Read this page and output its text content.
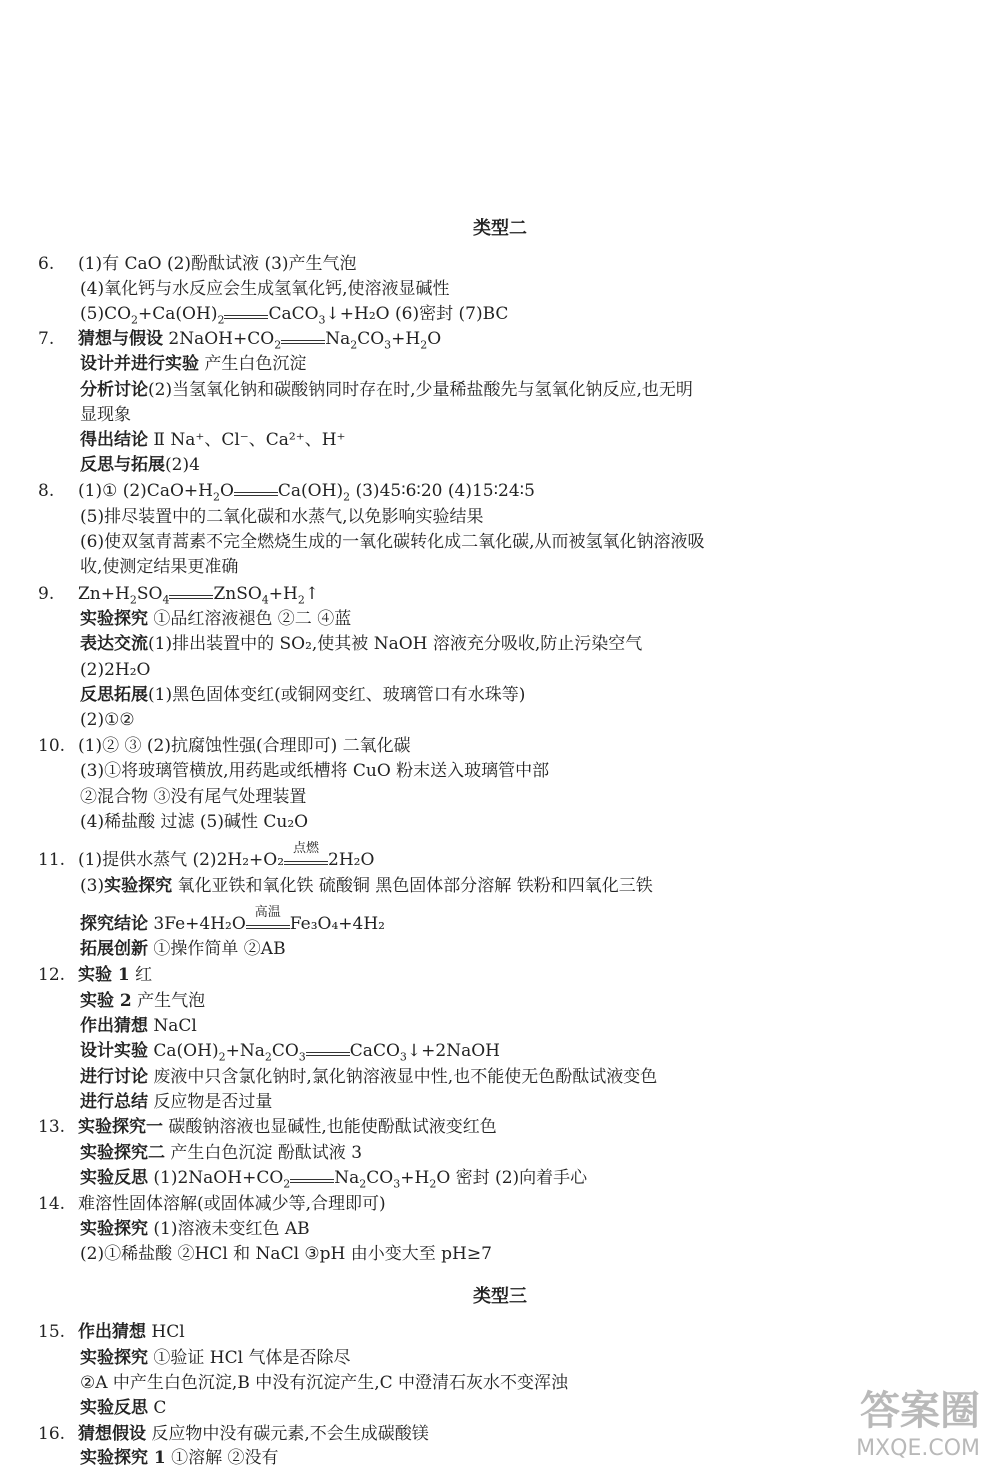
类型二
6. (1)有 CaO (2)酚酞试液 (3)产生气泡
(4)氧化钙与水反应会生成氢氧化钙,使溶液显碱性
$(5)CO_2+Ca(OH)_2$	CaCO$_3$↓+H₂O (6)密封 (7)BC
7. 猜想与假设 $2NaOH+CO_2$	$Na_2CO_3+H_2O$
设计并进行实验 产生白色沉淀
分析讨论(2)当氢氧化钠和碳酸钠同时存在时,少量稀盐酸先与氢氧化钠反应,也无明
显现象
得出结论 Ⅱ Na⁺、Cl⁻、Ca²⁺、H⁺
反思与拓展(2)4
8. (1)① $(2)CaO+H_2O$	$Ca(OH)_2$ (3)45∶6∶20 (4)15∶24∶5
(5)排尽装置中的二氧化碳和水蒸气,以免影响实验结果
(6)使双氢青蒿素不完全燃烧生成的一氧化碳转化成二氧化碳,从而被氢氧化钠溶液吸
收,使测定结果更准确
9. $Zn+H_2SO_4$	$ZnSO_4+H_2↑$
实验探究 ①品红溶液褪色 ②二 ④蓝
表达交流(1)排出装置中的 SO₂,使其被 NaOH 溶液充分吸收,防止污染空气
(2)2H₂O
反思拓展(1)黑色固体变红(或铜网变红、玻璃管口有水珠等)
(2)①②
10. (1)② ③ (2)抗腐蚀性强(合理即可) 二氧化碳
(3)①将玻璃管横放,用药匙或纸槽将 CuO 粉末送入玻璃管中部
②混合物 ③没有尾气处理装置
(4)稀盐酸 过滤 (5)碱性 Cu₂O
11. (1)提供水蒸气 (2)2H₂+O₂
点燃
2H₂O
(3)实验探究 氧化亚铁和氧化铁 硫酸铜 黑色固体部分溶解 铁粉和四氧化三铁
探究结论 3Fe+4H₂O
高温
Fe₃O₄+4H₂
拓展创新 ①操作简单 ②AB
12. 实验 1 红
实验 2 产生气泡
作出猜想 NaCl
设计实验 $Ca(OH)_2+Na_2CO_3$	CaCO$_3$↓+2NaOH
进行讨论 废液中只含氯化钠时,氯化钠溶液显中性,也不能使无色酚酞试液变色
进行总结 反应物是否过量
13. 实验探究一 碳酸钠溶液也显碱性,也能使酚酞试液变红色
实验探究二 产生白色沉淀 酚酞试液 3
实验反思 $(1)2NaOH+CO_2$	$Na_2CO_3+H_2O$ 密封 (2)向着手心
14. 难溶性固体溶解(或固体减少等,合理即可)
实验探究 (1)溶液未变红色 AB
(2)①稀盐酸 ②HCl 和 NaCl ③pH 由小变大至 pH≥7
类型三
15. 作出猜想 HCl
实验探究 ①验证 HCl 气体是否除尽
②A 中产生白色沉淀,B 中没有沉淀产生,C 中澄清石灰水不变浑浊
实验反思 C
16. 猜想假设 反应物中没有碳元素,不会生成碳酸镁
实验探究 1 ①溶解 ②没有
答案圈
MXQE.COM
